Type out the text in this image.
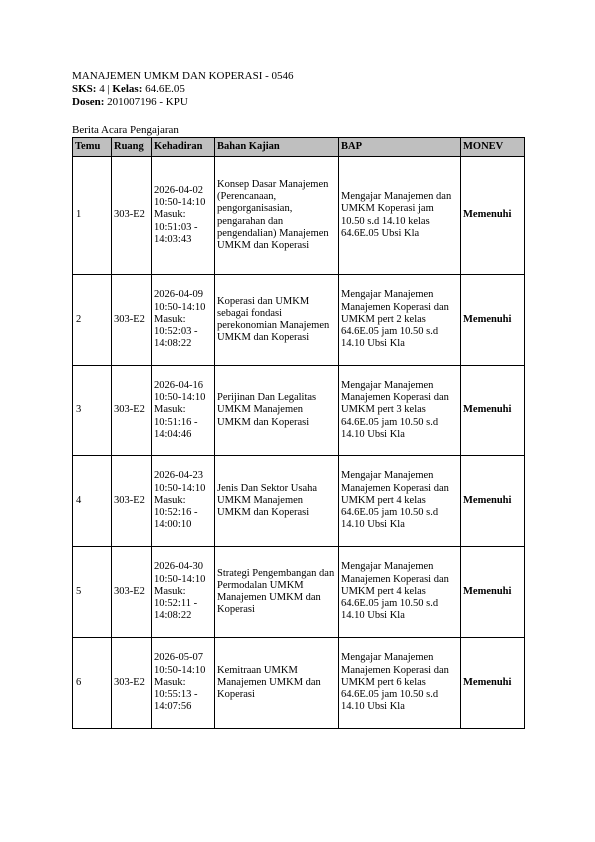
MANAJEMEN UMKM DAN KOPERASI - 0546
SKS: 4 | Kelas: 64.6E.05
Dosen: 201007196 - KPU
Berita Acara Pengajaran
Temu	Ruang	Kehadiran	Bahan Kajian	BAP	MONEV
1	303-E2	2026-04-02 10:50-14:10 Masuk: 10:51:03 - 14:03:43	Konsep Dasar Manajemen (Perencanaan, pengorganisasian, pengarahan dan pengendalian) Manajemen UMKM dan Koperasi	Mengajar Manajemen dan UMKM Koperasi jam 10.50 s.d 14.10 kelas 64.6E.05 Ubsi Kla	Memenuhi
2	303-E2	2026-04-09 10:50-14:10 Masuk: 10:52:03 - 14:08:22	Koperasi dan UMKM sebagai fondasi perekonomian Manajemen UMKM dan Koperasi	Mengajar Manajemen Manajemen Koperasi dan UMKM pert 2 kelas 64.6E.05 jam 10.50 s.d 14.10 Ubsi Kla	Memenuhi
3	303-E2	2026-04-16 10:50-14:10 Masuk: 10:51:16 - 14:04:46	Perijinan Dan Legalitas UMKM Manajemen UMKM dan Koperasi	Mengajar Manajemen Manajemen Koperasi dan UMKM pert 3 kelas 64.6E.05 jam 10.50 s.d 14.10 Ubsi Kla	Memenuhi
4	303-E2	2026-04-23 10:50-14:10 Masuk: 10:52:16 - 14:00:10	Jenis Dan Sektor Usaha UMKM Manajemen UMKM dan Koperasi	Mengajar Manajemen Manajemen Koperasi dan UMKM pert 4 kelas 64.6E.05 jam 10.50 s.d 14.10 Ubsi Kla	Memenuhi
5	303-E2	2026-04-30 10:50-14:10 Masuk: 10:52:11 - 14:08:22	Strategi Pengembangan dan Permodalan UMKM Manajemen UMKM dan Koperasi	Mengajar Manajemen Manajemen Koperasi dan UMKM pert 4 kelas 64.6E.05 jam 10.50 s.d 14.10 Ubsi Kla	Memenuhi
6	303-E2	2026-05-07 10:50-14:10 Masuk: 10:55:13 - 14:07:56	Kemitraan UMKM Manajemen UMKM dan Koperasi	Mengajar Manajemen Manajemen Koperasi dan UMKM pert 6 kelas 64.6E.05 jam 10.50 s.d 14.10 Ubsi Kla	Memenuhi
